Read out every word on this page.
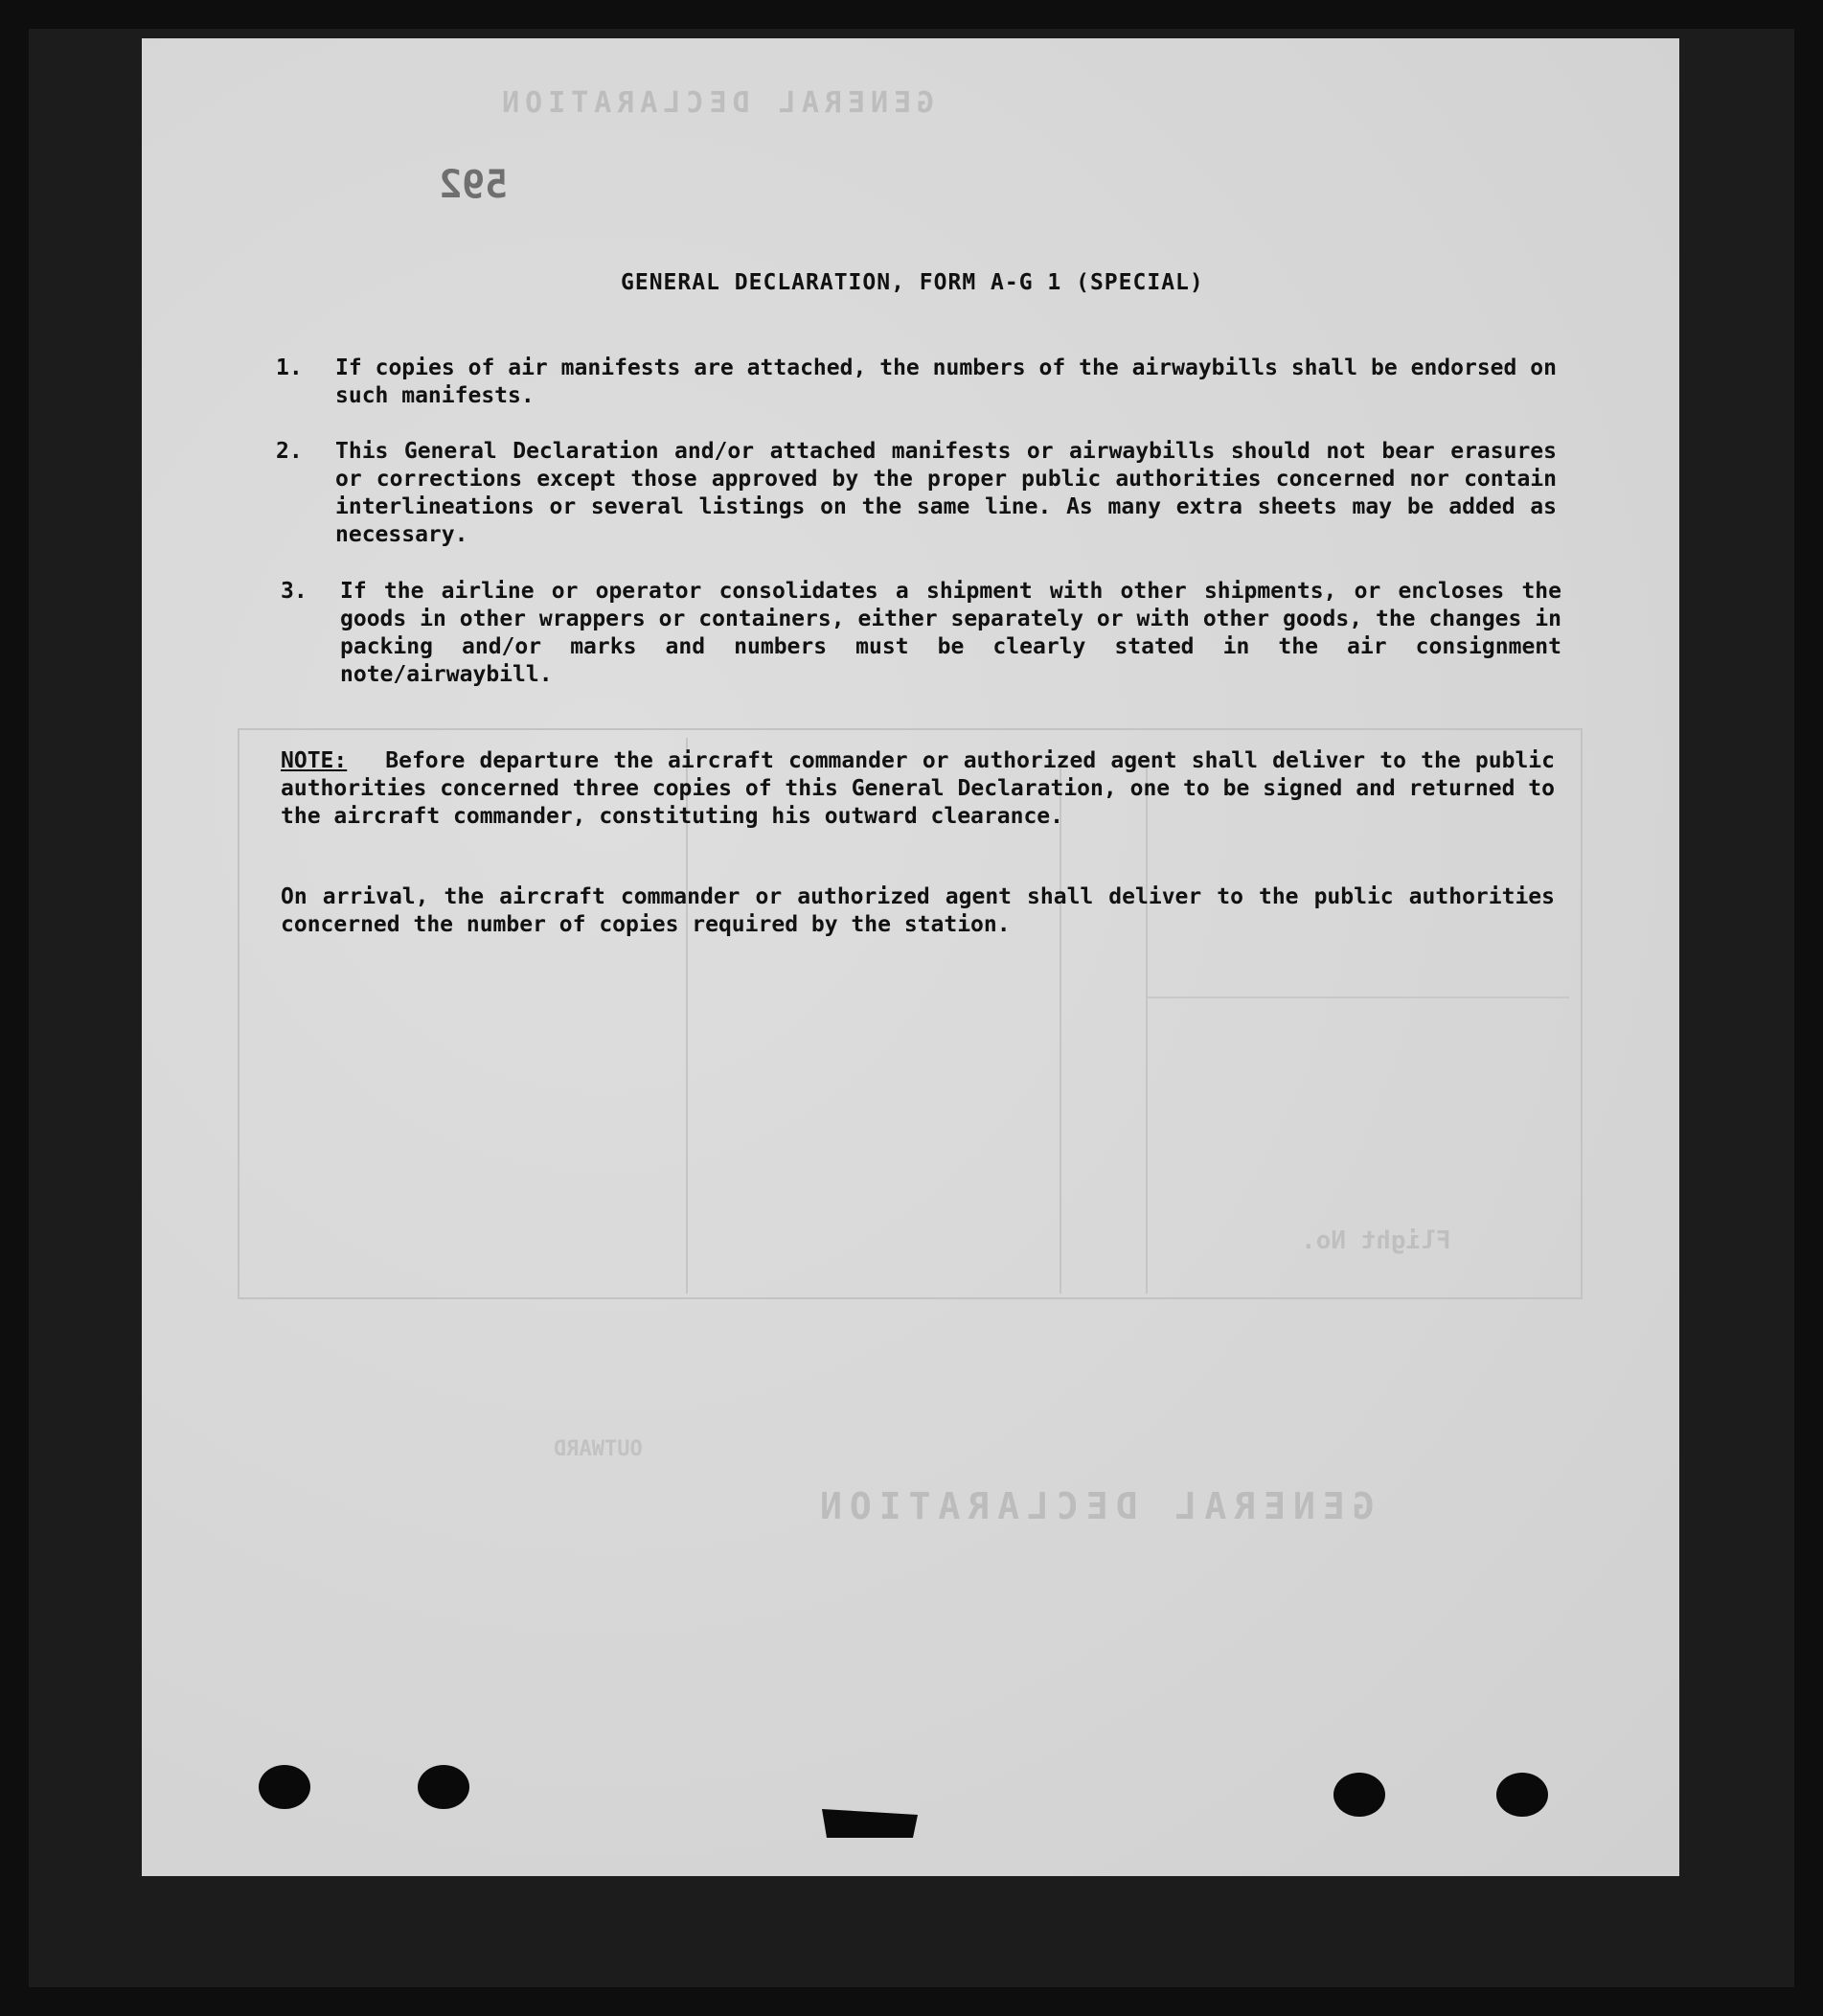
GENERAL DECLARATION
592
GENERAL DECLARATION
OUTWARD
Flight No.
GENERAL DECLARATION, FORM A-G 1 (SPECIAL)
1. If copies of air manifests are attached, the numbers of the airwaybills shall be endorsed on such manifests.
2. This General Declaration and/or attached manifests or airwaybills should not bear erasures or corrections except those approved by the proper public authorities concerned nor contain interlineations or several listings on the same line. As many extra sheets may be added as necessary.
3. If the airline or operator consolidates a shipment with other shipments, or encloses the goods in other wrappers or containers, either separately or with other goods, the changes in packing and/or marks and numbers must be clearly stated in the air consignment note/airwaybill.
NOTE: Before departure the aircraft commander or authorized agent shall deliver to the public authorities concerned three copies of this General Declaration, one to be signed and returned to the aircraft commander, constituting his outward clearance.
On arrival, the aircraft commander or authorized agent shall deliver to the public authorities concerned the number of copies required by the station.
